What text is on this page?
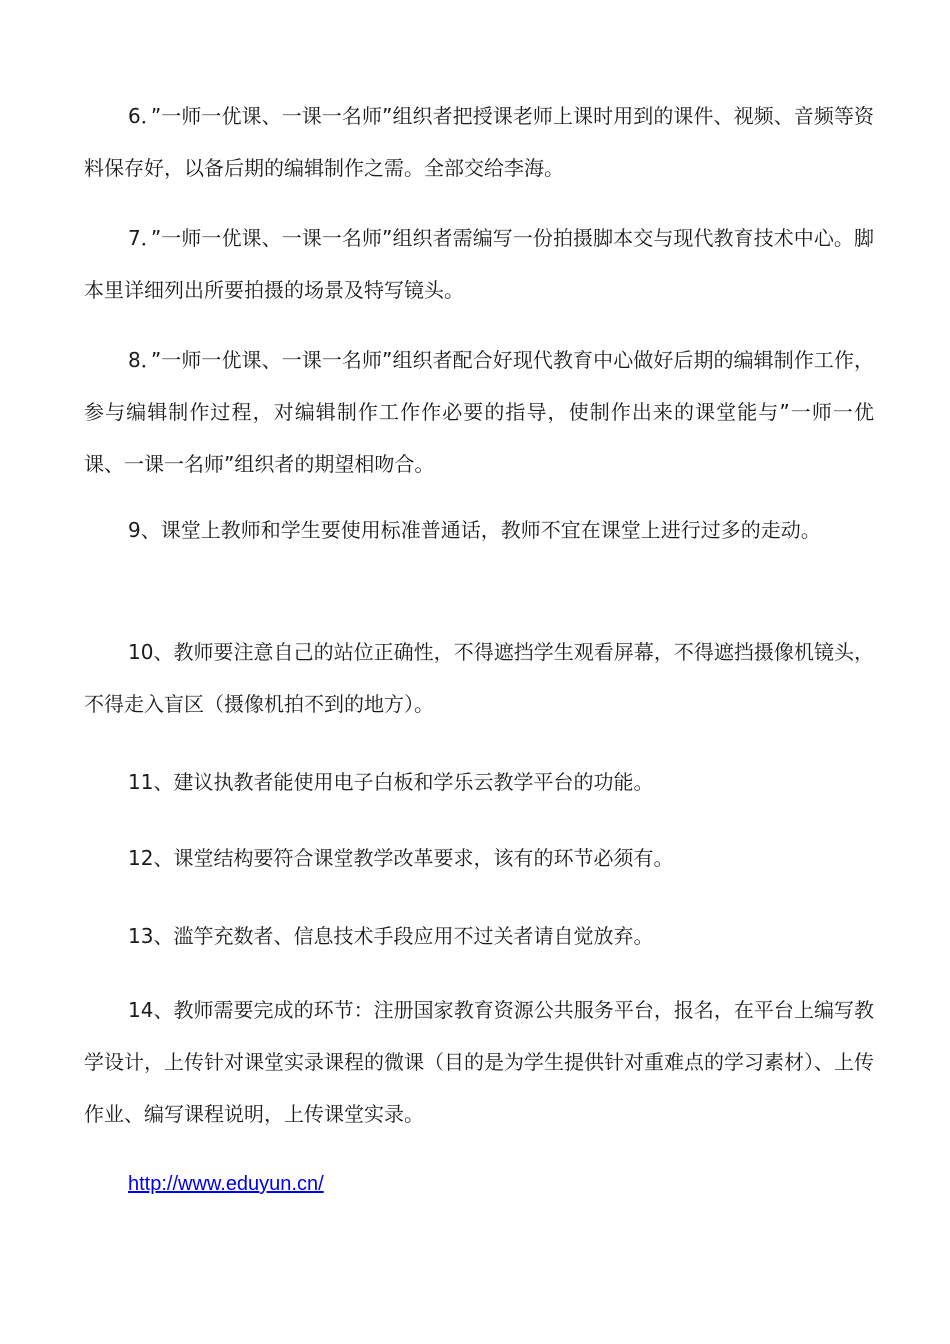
6．”一师一优课、一课一名师”组织者把授课老师上课时用到的课件、视频、音频等资料保存好，以备后期的编辑制作之需。全部交给李海。

7．”一师一优课、一课一名师”组织者需编写一份拍摄脚本交与现代教育技术中心。脚本里详细列出所要拍摄的场景及特写镜头。

8．”一师一优课、一课一名师”组织者配合好现代教育中心做好后期的编辑制作工作，参与编辑制作过程，对编辑制作工作作必要的指导，使制作出来的课堂能与”一师一优课、一课一名师”组织者的期望相吻合。

9、课堂上教师和学生要使用标准普通话，教师不宜在课堂上进行过多的走动。

10、教师要注意自己的站位正确性，不得遮挡学生观看屏幕，不得遮挡摄像机镜头，不得走入盲区（摄像机拍不到的地方）。

11、建议执教者能使用电子白板和学乐云教学平台的功能。

12、课堂结构要符合课堂教学改革要求，该有的环节必须有。

13、滥竽充数者、信息技术手段应用不过关者请自觉放弃。

14、教师需要完成的环节：注册国家教育资源公共服务平台，报名，在平台上编写教学设计，上传针对课堂实录课程的微课（目的是为学生提供针对重难点的学习素材）、上传作业、编写课程说明，上传课堂实录。

http://www.eduyun.cn/
